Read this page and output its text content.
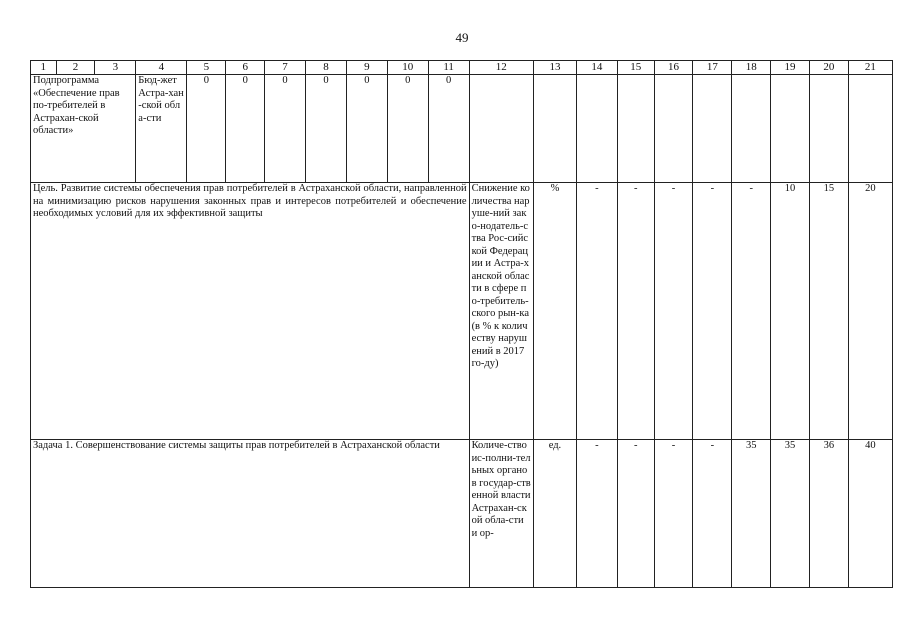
49
1	2	3	4	5	6	7	8	9	10	11	12	13	14	15	16	17	18	19	20	21
Подпрограмма «Обеспечение прав по-требителей в Астрахан-ской области»			Бюд-жет Астра-хан-ской обла-сти	0	0	0	0	0	0	0										
Цель. Развитие системы обеспечения прав потребителей в Астраханской области, направленной на минимизацию рисков нарушения законных прав и интересов потребителей и обеспечение необходимых условий для их эффективной защиты											Снижение количества наруше-ний зако-нодатель-ства Рос-сийской Федерации и Астра-ханской области в сфере по-требитель-ского рын-ка (в % к количеству нарушений в 2017 го-ду)	%	-	-	-	-	-	10	15	20
Задача 1. Совершенствование системы защиты прав потребителей в Астраханской области											Количе-ство ис-полни-тельных органов государ-ственной власти Астрахан-ской обла-сти и ор-	ед.	-	-	-	-	35	35	36	40
